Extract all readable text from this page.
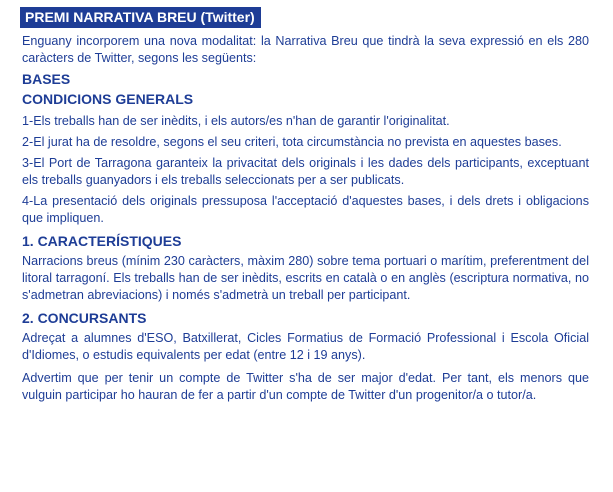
PREMI NARRATIVA BREU (Twitter)

Enguany incorporem una nova modalitat: la Narrativa Breu que tindrà la seva expressió en els 280 caràcters de Twitter, segons les següents:

BASES
CONDICIONS GENERALS

1-Els treballs han de ser inèdits, i els autors/es n'han de garantir l'originalitat.

2-El jurat ha de resoldre, segons el seu criteri, tota circumstància no prevista en aquestes bases.

3-El Port de Tarragona garanteix la privacitat dels originals i les dades dels participants, exceptuant els treballs guanyadors i els treballs seleccionats per a ser publicats.

4-La presentació dels originals pressuposa l'acceptació d'aquestes bases, i dels drets i obligacions que impliquen.

1. CARACTERÍSTIQUES

Narracions breus (mínim 230 caràcters, màxim 280) sobre tema portuari o marítim, preferentment del litoral tarragoní. Els treballs han de ser inèdits, escrits en català o en anglès (escriptura normativa, no s'admetran abreviacions) i només s'admetrà un treball per participant.

2. CONCURSANTS

Adreçat a alumnes d'ESO, Batxillerat, Cicles Formatius de Formació Professional i Escola Oficial d'Idiomes, o estudis equivalents per edat (entre 12 i 19 anys).

Advertim que per tenir un compte de Twitter s'ha de ser major d'edat. Per tant, els menors que vulguin participar ho hauran de fer a partir d'un compte de Twitter d'un progenitor/a o tutor/a.
